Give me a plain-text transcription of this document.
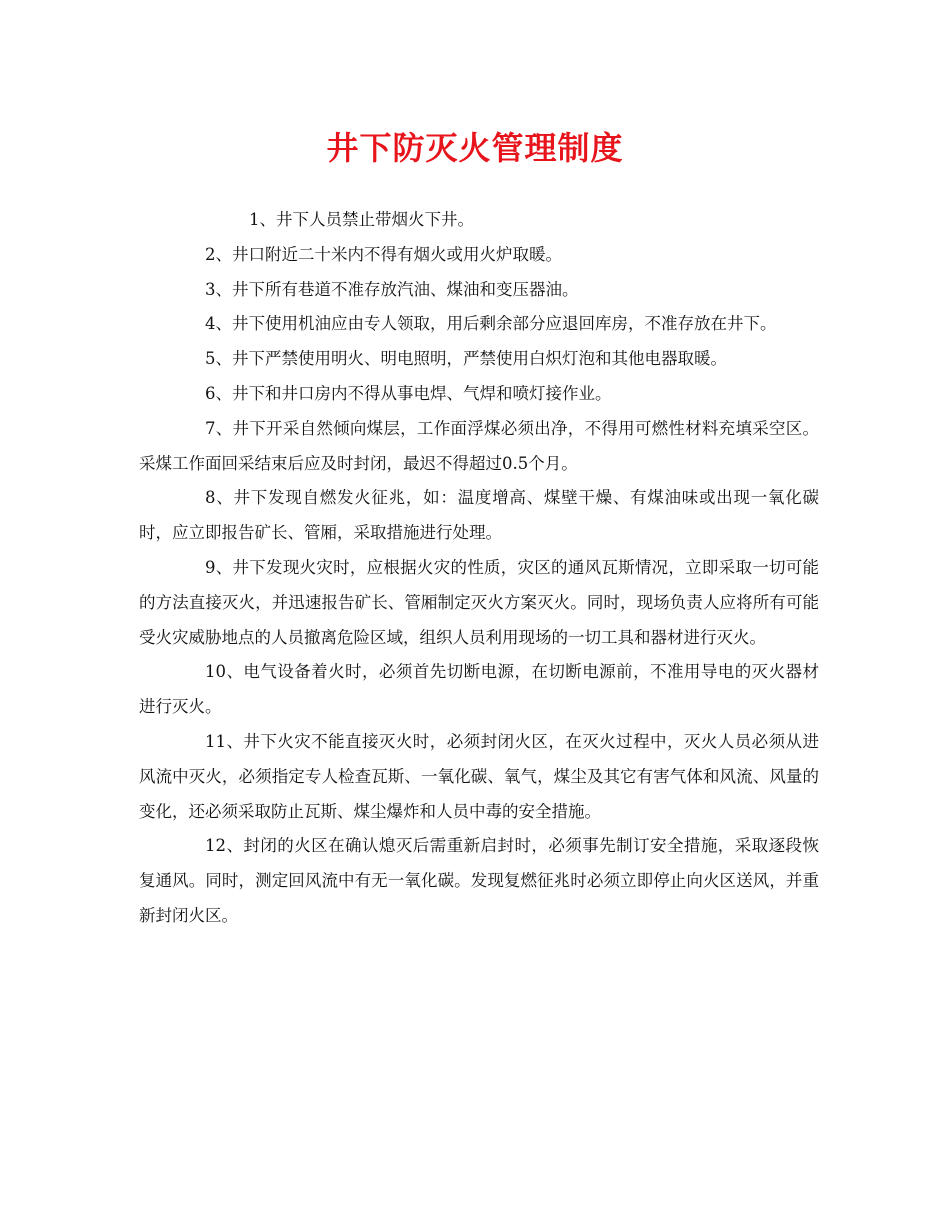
井下防灭火管理制度

1、井下人员禁止带烟火下井。

2、井口附近二十米内不得有烟火或用火炉取暖。

3、井下所有巷道不准存放汽油、煤油和变压器油。

4、井下使用机油应由专人领取，用后剩余部分应退回库房，不准存放在井下。

5、井下严禁使用明火、明电照明，严禁使用白炽灯泡和其他电器取暖。

6、井下和井口房内不得从事电焊、气焊和喷灯接作业。

7、井下开采自然倾向煤层，工作面浮煤必须出净，不得用可燃性材料充填采空区。采煤工作面回采结束后应及时封闭，最迟不得超过0.5个月。

8、井下发现自燃发火征兆，如：温度增高、煤壁干燥、有煤油味或出现一氧化碳时，应立即报告矿长、管厢，采取措施进行处理。

9、井下发现火灾时，应根据火灾的性质，灾区的通风瓦斯情况，立即采取一切可能的方法直接灭火，并迅速报告矿长、管厢制定灭火方案灭火。同时，现场负责人应将所有可能受火灾威胁地点的人员撤离危险区域，组织人员利用现场的一切工具和器材进行灭火。

10、电气设备着火时，必须首先切断电源，在切断电源前，不准用导电的灭火器材进行灭火。

11、井下火灾不能直接灭火时，必须封闭火区，在灭火过程中，灭火人员必须从进风流中灭火，必须指定专人检查瓦斯、一氧化碳、氧气，煤尘及其它有害气体和风流、风量的变化，还必须采取防止瓦斯、煤尘爆炸和人员中毒的安全措施。

12、封闭的火区在确认熄灭后需重新启封时，必须事先制订安全措施，采取逐段恢复通风。同时，测定回风流中有无一氧化碳。发现复燃征兆时必须立即停止向火区送风，并重新封闭火区。
